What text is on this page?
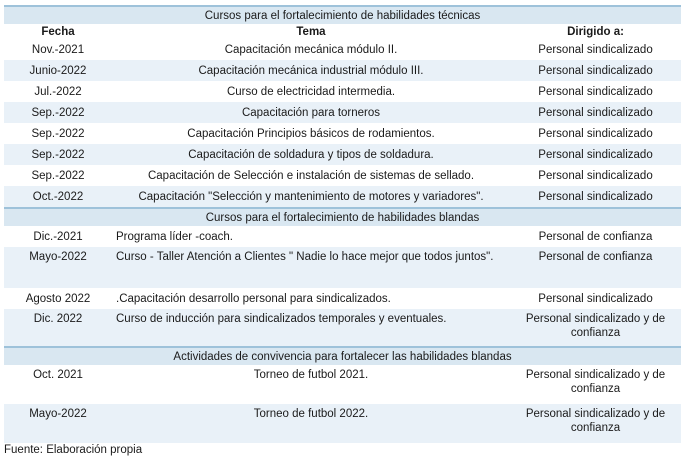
Cursos para el fortalecimiento de habilidades técnicas		
Fecha	Tema	Dirigido a:
Nov.-2021	Capacitación mecánica módulo II.	Personal sindicalizado
Junio-2022	Capacitación mecánica industrial módulo III.	Personal sindicalizado
Jul.-2022	Curso de electricidad intermedia.	Personal sindicalizado
Sep.-2022	Capacitación para torneros	Personal sindicalizado
Sep.-2022	Capacitación Principios básicos de rodamientos.	Personal sindicalizado
Sep.-2022	Capacitación de soldadura y tipos de soldadura.	Personal sindicalizado
Sep.-2022	Capacitación de Selección e instalación de sistemas de sellado.	Personal sindicalizado
Oct.-2022	Capacitación "Selección y mantenimiento de motores y variadores".	Personal sindicalizado
Cursos para el fortalecimiento de habilidades blandas		
Dic.-2021	Programa líder -coach.	Personal de confianza
Mayo-2022	Curso - Taller Atención a Clientes " Nadie lo hace mejor que todos juntos".	Personal de confianza
Agosto 2022	.Capacitación desarrollo personal para sindicalizados.	Personal sindicalizado
Dic. 2022	Curso de inducción para sindicalizados temporales y eventuales.	Personal sindicalizado y de confianza
Actividades de convivencia para fortalecer las habilidades blandas		
Oct. 2021	Torneo de futbol 2021.	Personal sindicalizado y de confianza
Mayo-2022	Torneo de futbol 2022.	Personal sindicalizado y de confianza
Fuente: Elaboración propia
